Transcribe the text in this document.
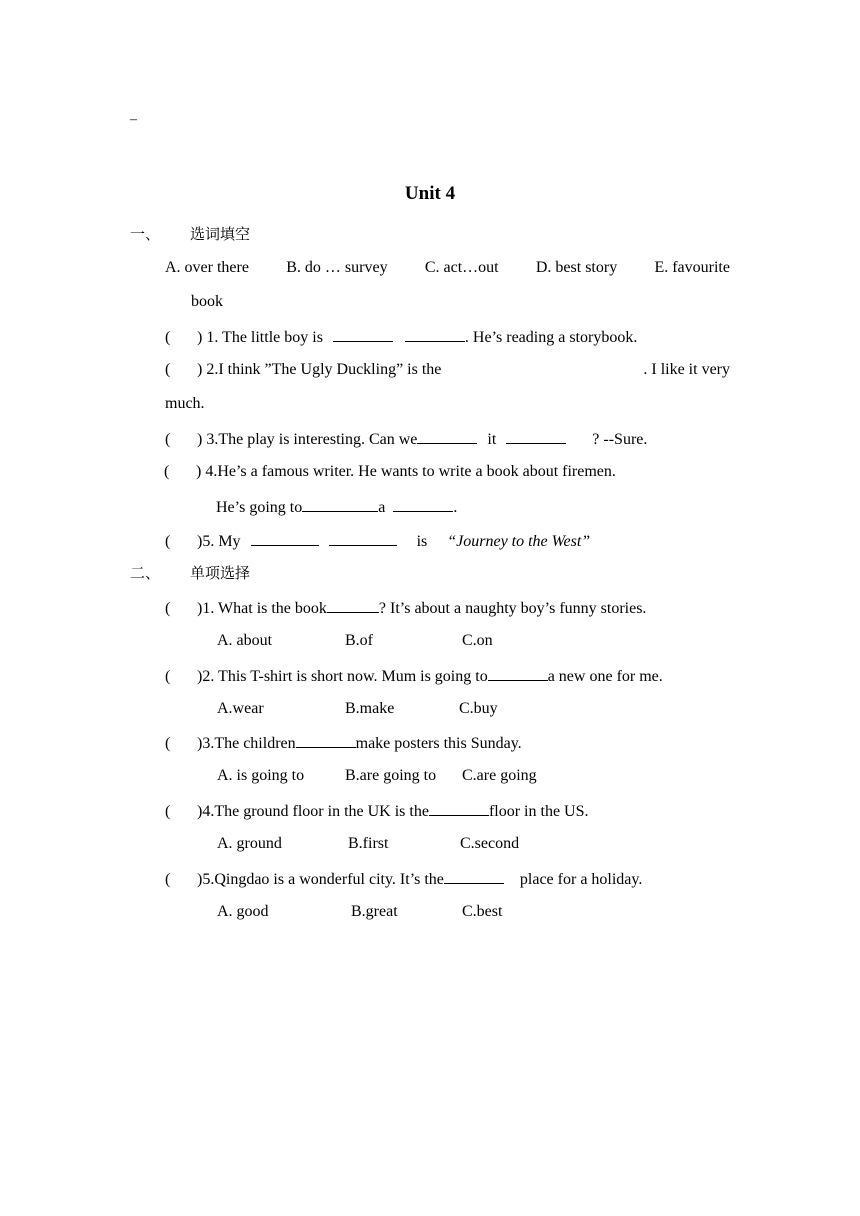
–
Unit 4
一、 选词填空
A. over there B. do … survey C. act…out D. best story E. favourite
book
( ) 1. The little boy is	. He’s reading a storybook.
( ) 2.I think ”The Ugly Duckling” is the	. I like it very
much.
( ) 3.The play is interesting. Can we	it	? --Sure.
( ) 4.He’s a famous writer. He wants to write a book about firemen.
He’s going to	a	.
( )5. My	is “Journey to the West”
二、 单项选择
( )1. What is the book	? It’s about a naughty boy’s funny stories.
A. about	B.of	C.on
( )2. This T-shirt is short now. Mum is going to	a new one for me.
A.wear	B.make	C.buy
( )3.The children	make posters this Sunday.
A. is going to	B.are going to C.are going
( )4.The ground floor in the UK is the	floor in the US.
A. ground	B.first	C.second
( )5.Qingdao is a wonderful city. It’s the	place for a holiday.
A. good	B.great	C.best
